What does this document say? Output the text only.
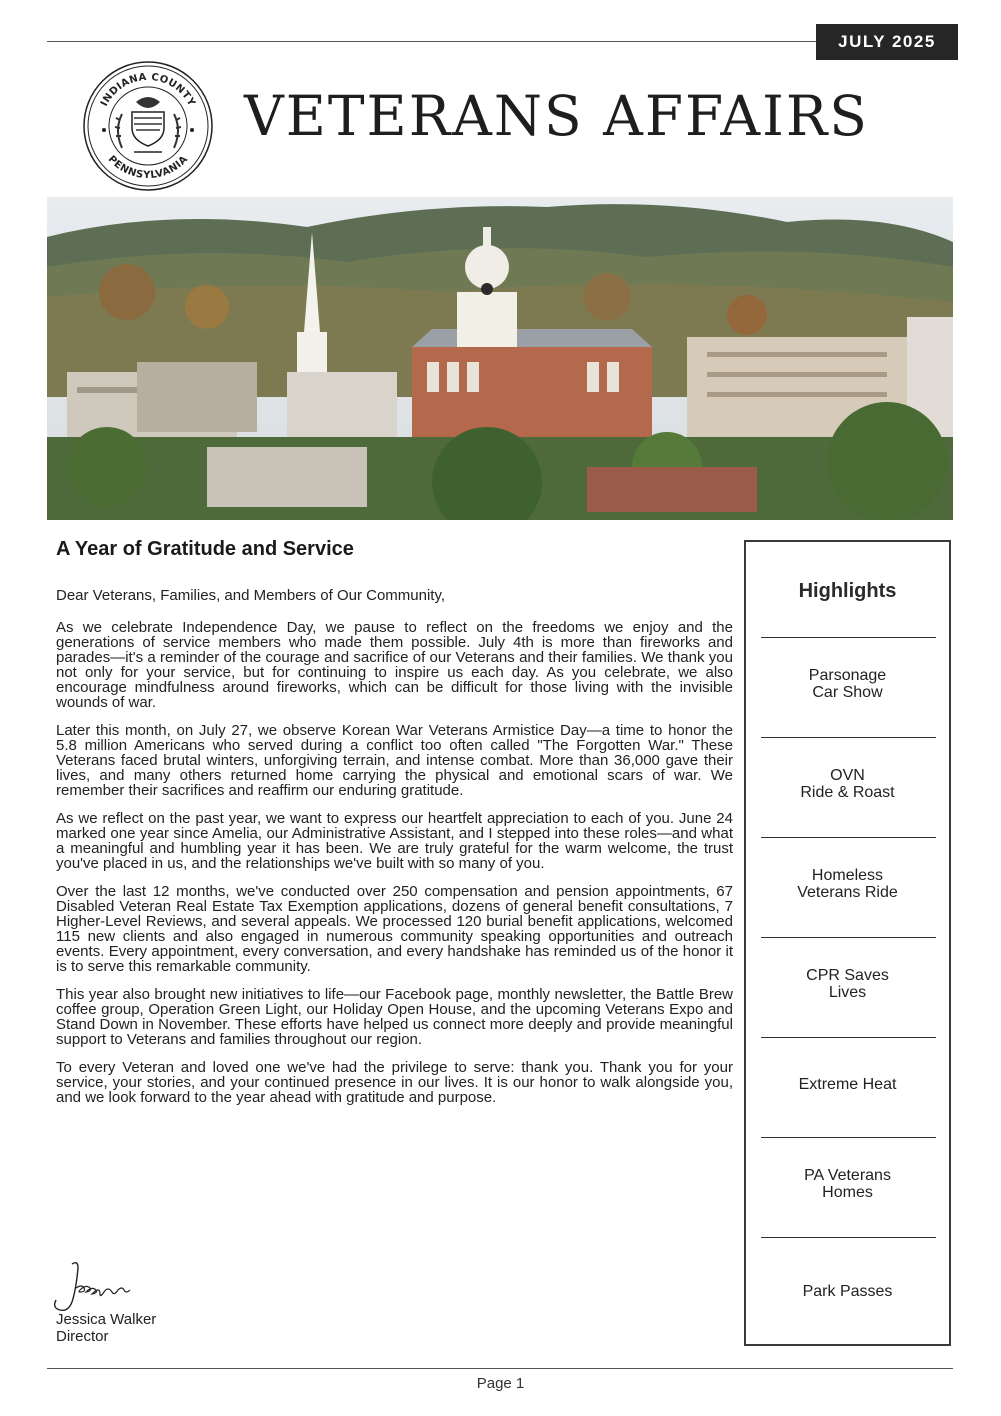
JULY 2025
INDIANA COUNTY
PENNSYLVANIA
VETERANS AFFAIRS
A Year of Gratitude and Service

Dear Veterans, Families, and Members of Our Community,

As we celebrate Independence Day, we pause to reflect on the freedoms we enjoy and the generations of service members who made them possible. July 4th is more than fireworks and parades—it's a reminder of the courage and sacrifice of our Veterans and their families. We thank you not only for your service, but for continuing to inspire us each day. As you celebrate, we also encourage mindfulness around fireworks, which can be difficult for those living with the invisible wounds of war.

Later this month, on July 27, we observe Korean War Veterans Armistice Day—a time to honor the 5.8 million Americans who served during a conflict too often called "The Forgotten War." These Veterans faced brutal winters, unforgiving terrain, and intense combat. More than 36,000 gave their lives, and many others returned home carrying the physical and emotional scars of war. We remember their sacrifices and reaffirm our enduring gratitude.

As we reflect on the past year, we want to express our heartfelt appreciation to each of you. June 24 marked one year since Amelia, our Administrative Assistant, and I stepped into these roles—and what a meaningful and humbling year it has been. We are truly grateful for the warm welcome, the trust you've placed in us, and the relationships we've built with so many of you.

Over the last 12 months, we've conducted over 250 compensation and pension appointments, 67 Disabled Veteran Real Estate Tax Exemption applications, dozens of general benefit consultations, 7 Higher-Level Reviews, and several appeals. We processed 120 burial benefit applications, welcomed 115 new clients and also engaged in numerous community speaking opportunities and outreach events. Every appointment, every conversation, and every handshake has reminded us of the honor it is to serve this remarkable community.

This year also brought new initiatives to life—our Facebook page, monthly newsletter, the Battle Brew coffee group, Operation Green Light, our Holiday Open House, and the upcoming Veterans Expo and Stand Down in November. These efforts have helped us connect more deeply and provide meaningful support to Veterans and families throughout our region.

To every Veteran and loved one we've had the privilege to serve: thank you. Thank you for your service, your stories, and your continued presence in our lives. It is our honor to walk alongside you, and we look forward to the year ahead with gratitude and purpose.

Jessica Walker
Director
Highlights
Parsonage
Car Show
OVN
Ride & Roast
Homeless
Veterans Ride
CPR Saves
Lives
Extreme Heat
PA Veterans
Homes
Park Passes
Page 1
